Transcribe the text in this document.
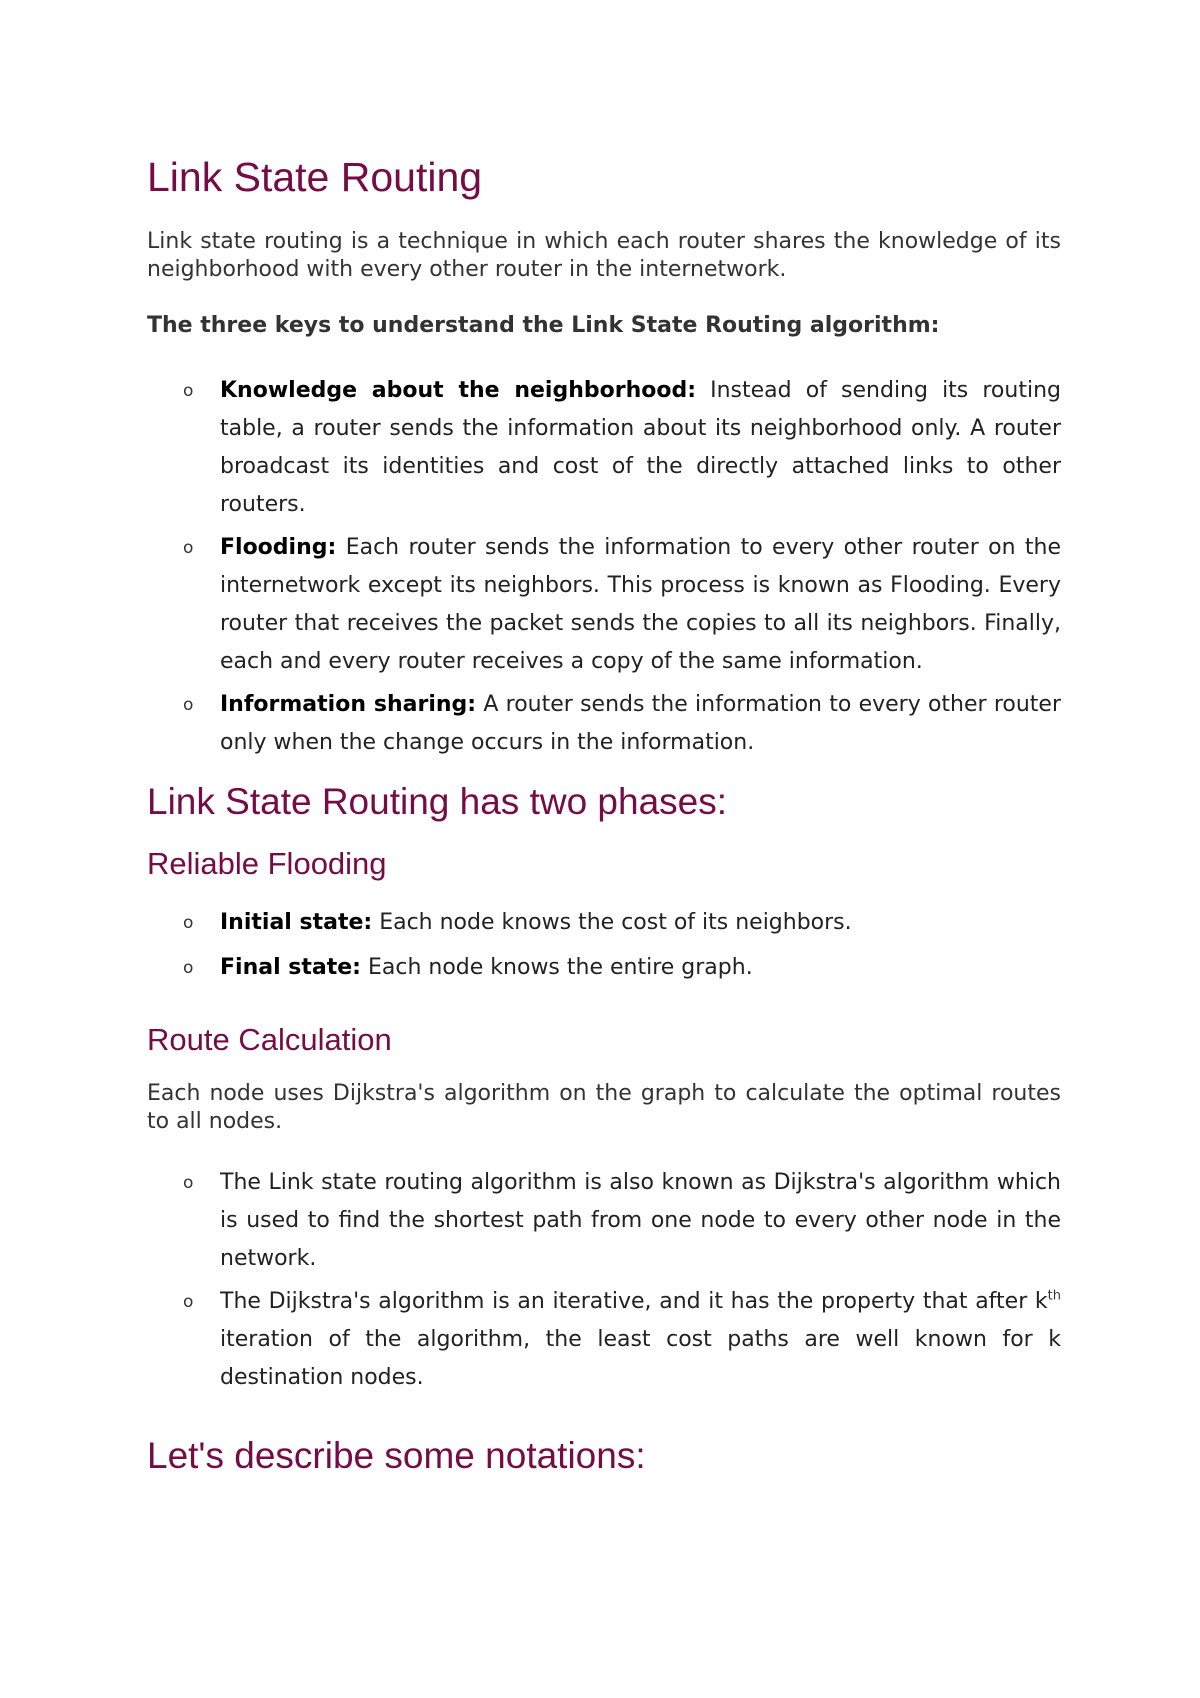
Link State Routing

Link state routing is a technique in which each router shares the knowledge of its neighborhood with every other router in the internetwork.

The three keys to understand the Link State Routing algorithm:

o Knowledge about the neighborhood: Instead of sending its routing table, a router sends the information about its neighborhood only. A router broadcast its identities and cost of the directly attached links to other routers.
o Flooding: Each router sends the information to every other router on the internetwork except its neighbors. This process is known as Flooding. Every router that receives the packet sends the copies to all its neighbors. Finally, each and every router receives a copy of the same information.
o Information sharing: A router sends the information to every other router only when the change occurs in the information.
Link State Routing has two phases:
Reliable Flooding
o Initial state: Each node knows the cost of its neighbors.
o Final state: Each node knows the entire graph.
Route Calculation

Each node uses Dijkstra's algorithm on the graph to calculate the optimal routes to all nodes.

o The Link state routing algorithm is also known as Dijkstra's algorithm which is used to find the shortest path from one node to every other node in the network.
o The Dijkstra's algorithm is an iterative, and it has the property that after $k^{th}$ iteration of the algorithm, the least cost paths are well known for k destination nodes.
Let's describe some notations:
